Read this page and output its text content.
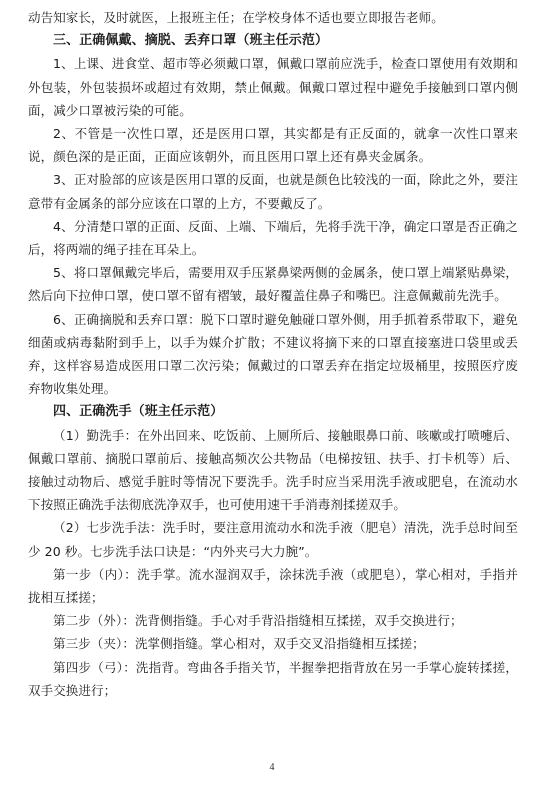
动告知家长，及时就医，上报班主任；在学校身体不适也要立即报告老师。

三、正确佩戴、摘脱、丢弃口罩（班主任示范）

1、上课、进食堂、超市等必须戴口罩，佩戴口罩前应洗手，检查口罩使用有效期和外包装，外包装损坏或超过有效期，禁止佩戴。佩戴口罩过程中避免手接触到口罩内侧面，减少口罩被污染的可能。

2、不管是一次性口罩，还是医用口罩，其实都是有正反面的，就拿一次性口罩来说，颜色深的是正面，正面应该朝外，而且医用口罩上还有鼻夹金属条。

3、正对脸部的应该是医用口罩的反面，也就是颜色比较浅的一面，除此之外，要注意带有金属条的部分应该在口罩的上方，不要戴反了。

4、分清楚口罩的正面、反面、上端、下端后，先将手洗干净，确定口罩是否正确之后，将两端的绳子挂在耳朵上。

5、将口罩佩戴完毕后，需要用双手压紧鼻梁两侧的金属条，使口罩上端紧贴鼻梁，然后向下拉伸口罩，使口罩不留有褶皱，最好覆盖住鼻子和嘴巴。注意佩戴前先洗手。

6、正确摘脱和丢弃口罩：脱下口罩时避免触碰口罩外侧，用手抓着系带取下，避免细菌或病毒黏附到手上，以手为媒介扩散；不建议将摘下来的口罩直接塞进口袋里或丢弃，这样容易造成医用口罩二次污染；佩戴过的口罩丢弃在指定垃圾桶里，按照医疗废弃物收集处理。

四、正确洗手（班主任示范）

（1）勤洗手：在外出回来、吃饭前、上厕所后、接触眼鼻口前、咳嗽或打喷嚏后、佩戴口罩前、摘脱口罩前后、接触高频次公共物品（电梯按钮、扶手、打卡机等）后、接触过动物后、感觉手脏时等情况下要洗手。洗手时应当采用洗手液或肥皂，在流动水下按照正确洗手法彻底洗净双手，也可使用速干手消毒剂揉搓双手。

（2）七步洗手法：洗手时，要注意用流动水和洗手液（肥皂）清洗，洗手总时间至少 20 秒。七步洗手法口诀是：“内外夹弓大力腕”。

第一步（内）：洗手掌。流水湿润双手，涂抹洗手液（或肥皂），掌心相对，手指并拢相互揉搓；

第二步（外）：洗背侧指缝。手心对手背沿指缝相互揉搓，双手交换进行；

第三步（夹）：洗掌侧指缝。掌心相对，双手交叉沿指缝相互揉搓；

第四步（弓）：洗指背。弯曲各手指关节，半握拳把指背放在另一手掌心旋转揉搓，双手交换进行；

4
